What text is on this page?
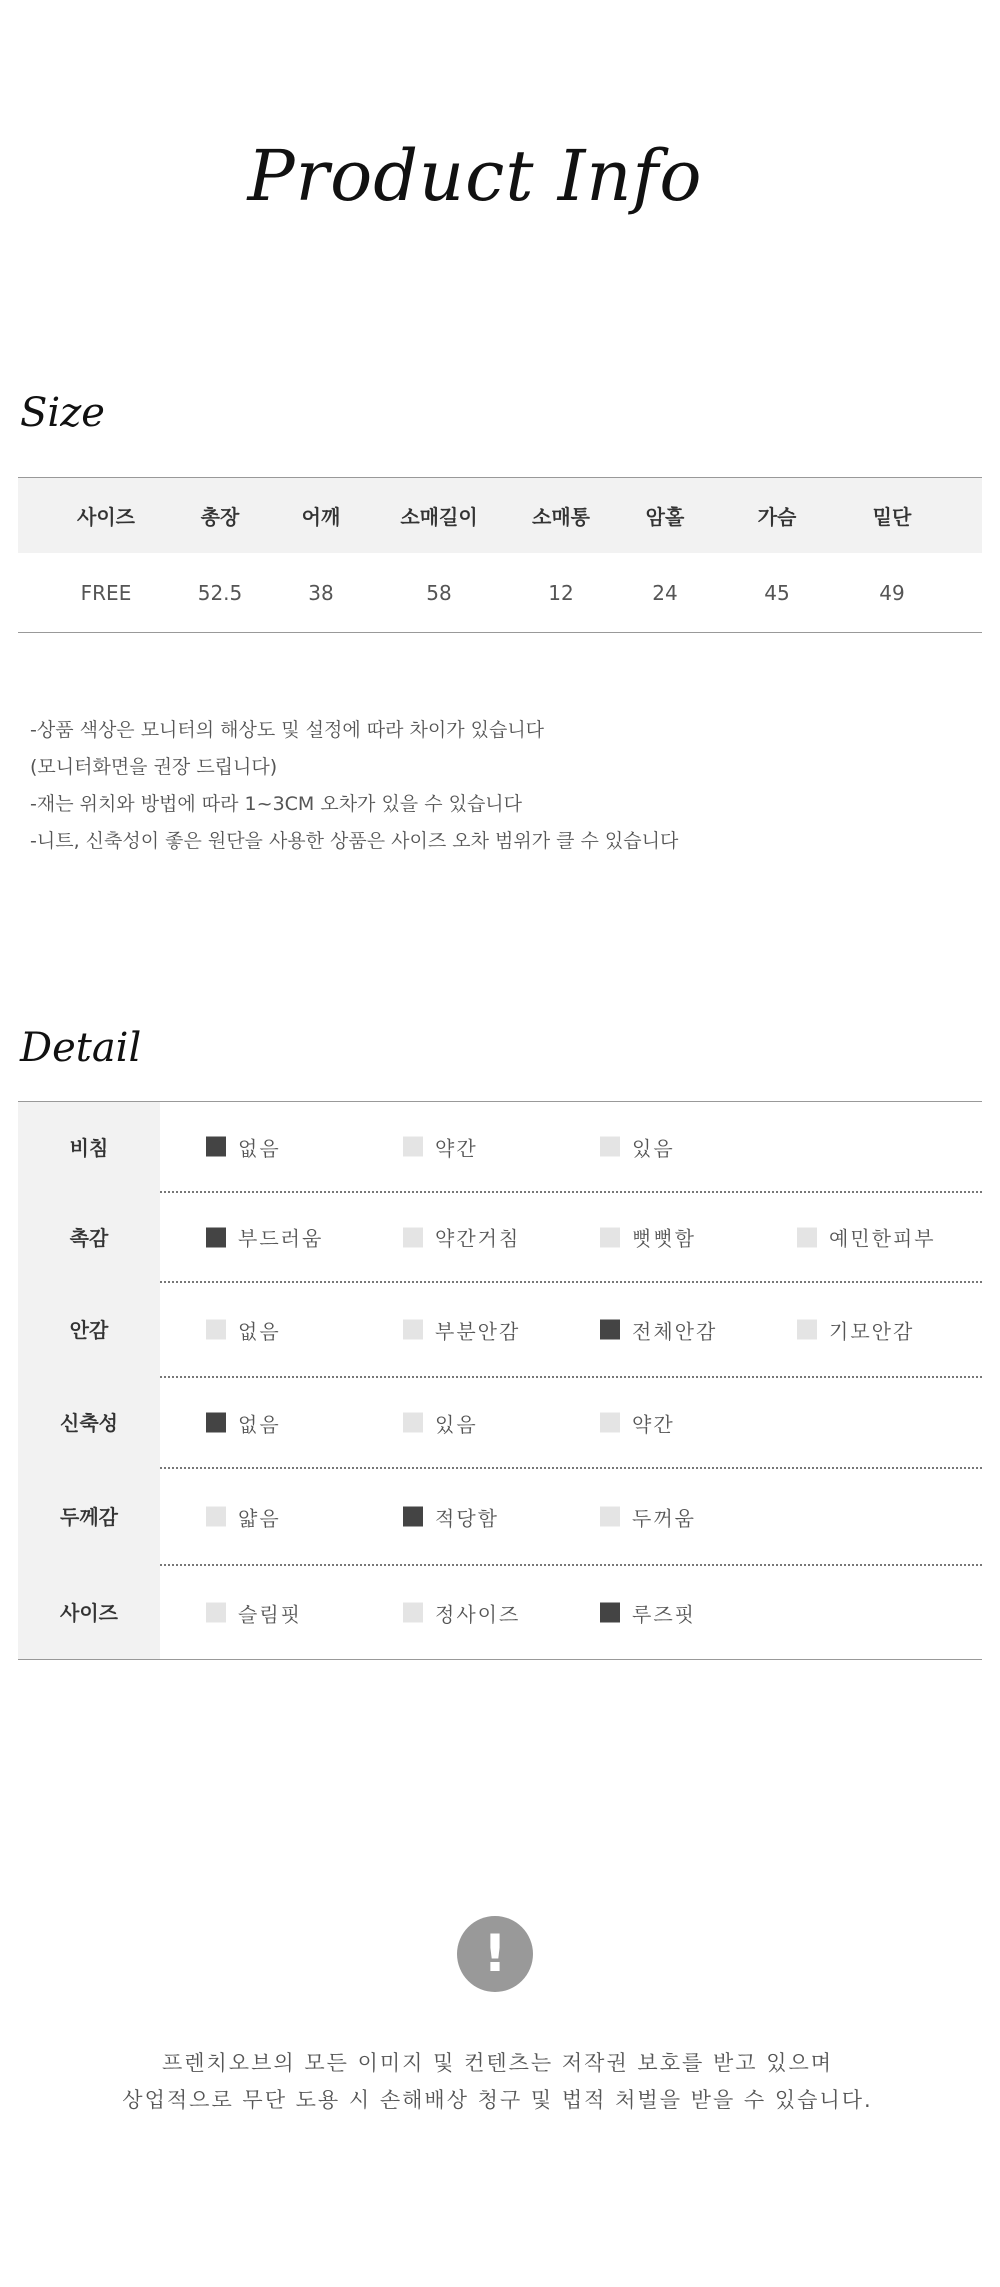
Product Info
Size
사이즈	총장	어깨	소매길이	소매통	암홀	가슴	밑단
FREE	52.5	38	58	12	24	45	49
-상품 색상은 모니터의 해상도 및 설정에 따라 차이가 있습니다
(모니터화면을 권장 드립니다)
-재는 위치와 방법에 따라 1~3CM 오차가 있을 수 있습니다
-니트, 신축성이 좋은 원단을 사용한 상품은 사이즈 오차 범위가 클 수 있습니다
Detail
비침	없음	약간	있음
촉감	부드러움	약간거침	뻣뻣함	예민한피부
안감	없음	부분안감	전체안감	기모안감
신축성	없음	있음	약간
두께감	얇음	적당함	두꺼움
사이즈	슬림핏	정사이즈	루즈핏
!
프렌치오브의 모든 이미지 및 컨텐츠는 저작권 보호를 받고 있으며
상업적으로 무단 도용 시 손해배상 청구 및 법적 처벌을 받을 수 있습니다.
